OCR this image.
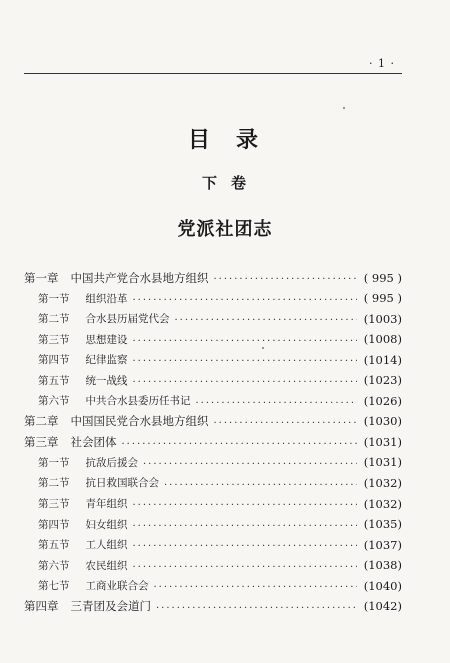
· 1 ·
目录
下卷
党派社团志
第一章 中国共产党合水县地方组织 ·····	( 995 )
第一节 组织沿革 ·····	( 995 )
第二节 合水县历届党代会 ·····	(1003)
第三节 思想建设 ·····	(1008)
第四节 纪律监察 ·····	(1014)
第五节 统一战线 ·····	(1023)
第六节 中共合水县委历任书记 ·····	(1026)
第二章 中国国民党合水县地方组织 ·····	(1030)
第三章 社会团体 ·····	(1031)
第一节 抗敌后援会 ·····	(1031)
第二节 抗日救国联合会 ·····	(1032)
第三节 青年组织 ·····	(1032)
第四节 妇女组织 ·····	(1035)
第五节 工人组织 ·····	(1037)
第六节 农民组织 ·····	(1038)
第七节 工商业联合会 ·····	(1040)
第四章 三青团及会道门 ·····	(1042)
